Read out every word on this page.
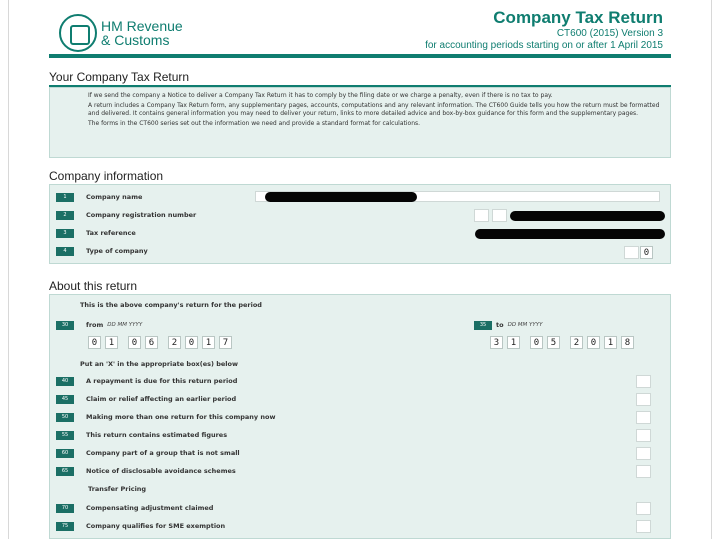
HM Revenue
& Customs
Company Tax Return
CT600 (2015) Version 3
for accounting periods starting on or after 1 April 2015
Your Company Tax Return

If we send the company a Notice to deliver a Company Tax Return it has to comply by the filing date or we charge a penalty, even if there is no tax to pay.

A return includes a Company Tax Return form, any supplementary pages, accounts, computations and any relevant information. The CT600 Guide tells you how the return must be formatted and delivered. It contains general information you may need to deliver your return, links to more detailed advice and box-by-box guidance for this form and the supplementary pages.

The forms in the CT600 series set out the information we need and provide a standard format for calculations.

Company information
1	Company name
2	Company registration number
3	Tax reference
4	Type of company	0
About this return
This is the above company's return for the period
30	from DD MM YYYY	35	to DD MM YYYY
0	1	0	6	2	0	1	7	3	1	0	5	2	0	1	8
Put an 'X' in the appropriate box(es) below
40	A repayment is due for this return period
45	Claim or relief affecting an earlier period
50	Making more than one return for this company now
55	This return contains estimated figures
60	Company part of a group that is not small
65	Notice of disclosable avoidance schemes
Transfer Pricing
70	Compensating adjustment claimed
75	Company qualifies for SME exemption
